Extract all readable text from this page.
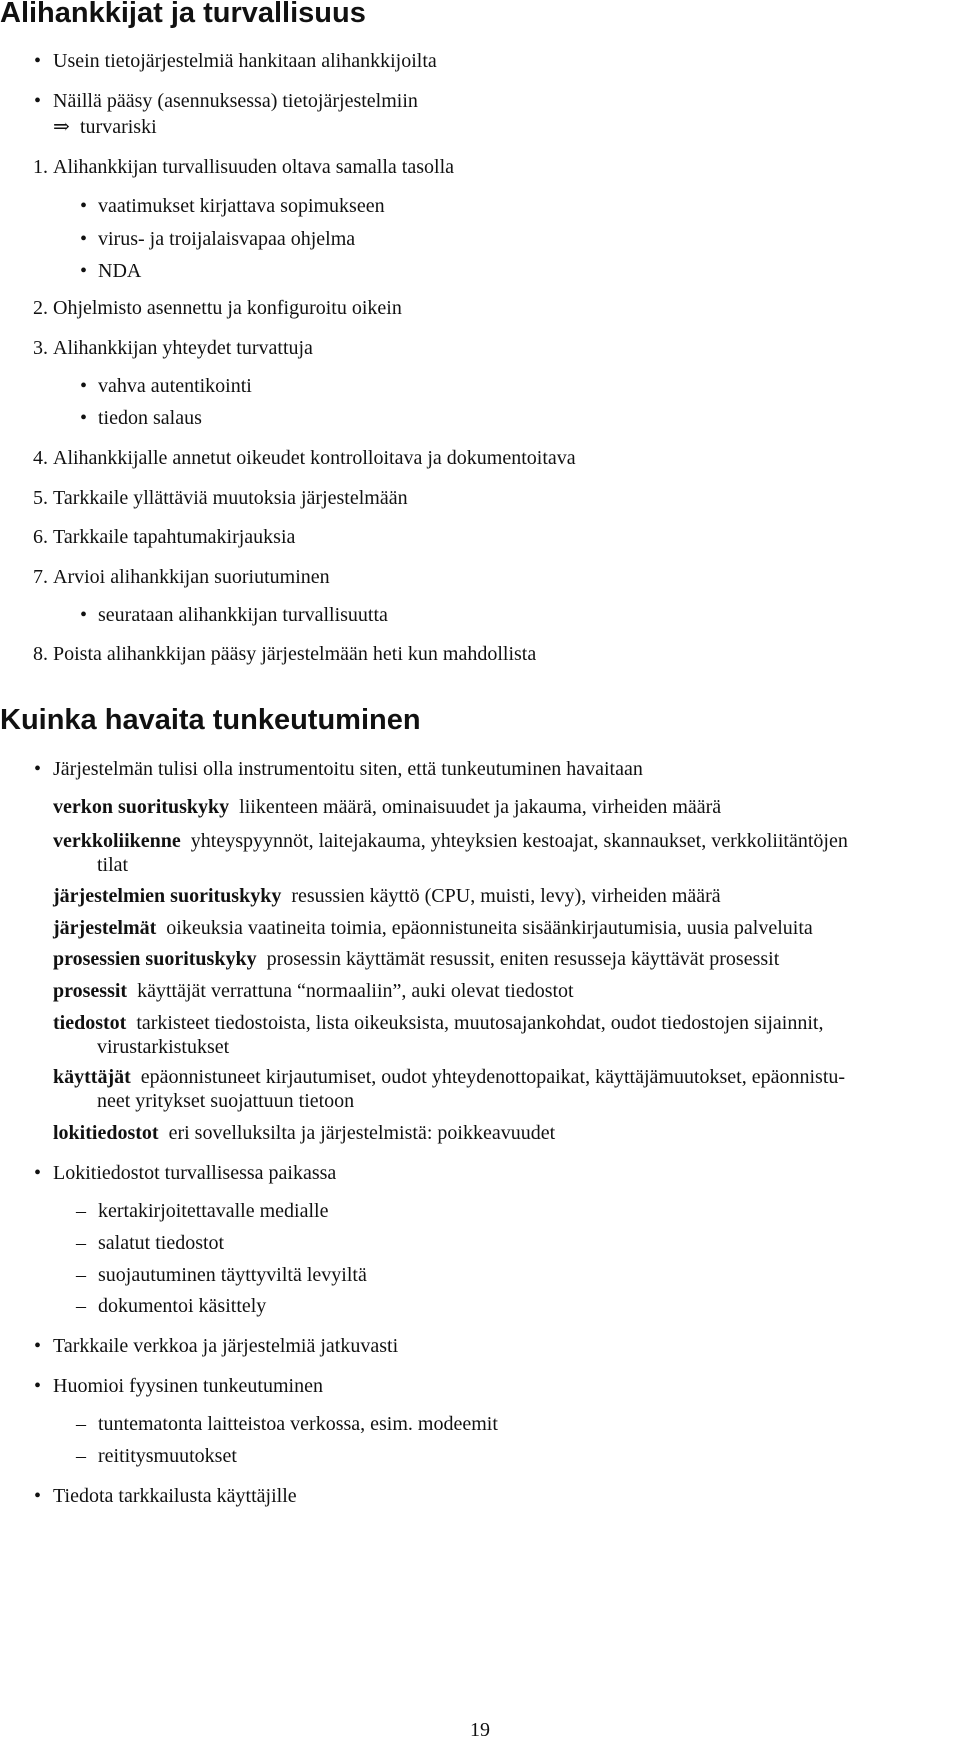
Alihankkijat ja turvallisuus
• Usein tietojärjestelmiä hankitaan alihankkijoilta
• Näillä pääsy (asennuksessa) tietojärjestelmiin
⇒ turvariski
1. Alihankkijan turvallisuuden oltava samalla tasolla
• vaatimukset kirjattava sopimukseen
• virus- ja troijalaisvapaa ohjelma
• NDA
2. Ohjelmisto asennettu ja konfiguroitu oikein
3. Alihankkijan yhteydet turvattuja
• vahva autentikointi
• tiedon salaus
4. Alihankkijalle annetut oikeudet kontrolloitava ja dokumentoitava
5. Tarkkaile yllättäviä muutoksia järjestelmään
6. Tarkkaile tapahtumakirjauksia
7. Arvioi alihankkijan suoriutuminen
• seurataan alihankkijan turvallisuutta
8. Poista alihankkijan pääsy järjestelmään heti kun mahdollista
Kuinka havaita tunkeutuminen
• Järjestelmän tulisi olla instrumentoitu siten, että tunkeutuminen havaitaan
verkon suorituskyky liikenteen määrä, ominaisuudet ja jakauma, virheiden määrä
verkkoliikenne yhteyspyynnöt, laitejakauma, yhteyksien kestoajat, skannaukset, verkkoliitäntöjen
tilat
järjestelmien suorituskyky resussien käyttö (CPU, muisti, levy), virheiden määrä
järjestelmät oikeuksia vaatineita toimia, epäonnistuneita sisäänkirjautumisia, uusia palveluita
prosessien suorituskyky prosessin käyttämät resussit, eniten resusseja käyttävät prosessit
prosessit käyttäjät verrattuna “normaaliin”, auki olevat tiedostot
tiedostot tarkisteet tiedostoista, lista oikeuksista, muutosajankohdat, oudot tiedostojen sijainnit,
virustarkistukset
käyttäjät epäonnistuneet kirjautumiset, oudot yhteydenottopaikat, käyttäjämuutokset, epäonnistu-
neet yritykset suojattuun tietoon
lokitiedostot eri sovelluksilta ja järjestelmistä: poikkeavuudet
• Lokitiedostot turvallisessa paikassa
– kertakirjoitettavalle medialle
– salatut tiedostot
– suojautuminen täyttyviltä levyiltä
– dokumentoi käsittely
• Tarkkaile verkkoa ja järjestelmiä jatkuvasti
• Huomioi fyysinen tunkeutuminen
– tuntematonta laitteistoa verkossa, esim. modeemit
– reititysmuutokset
• Tiedota tarkkailusta käyttäjille
19
